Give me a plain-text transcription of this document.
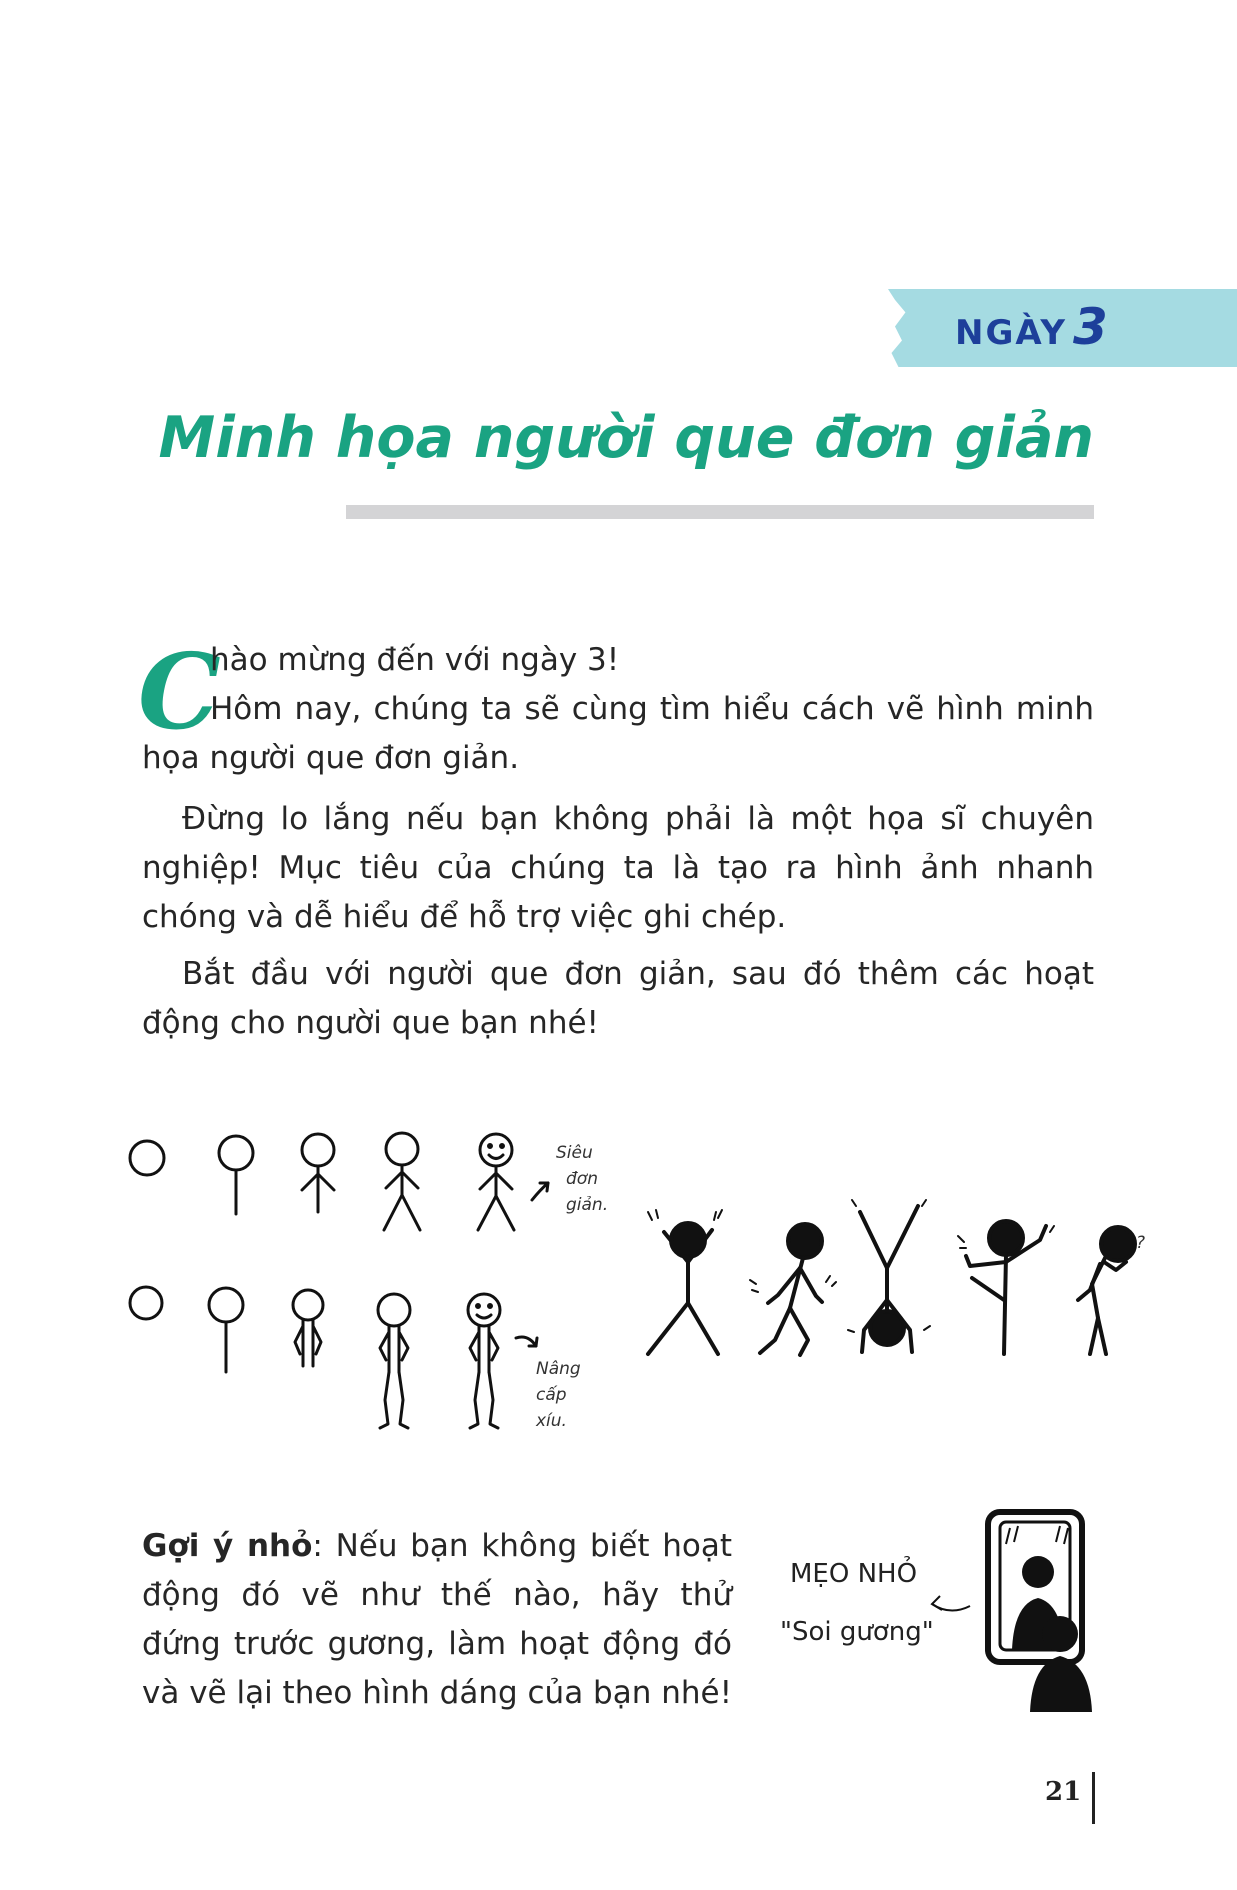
NGÀY 3
Minh họa người que đơn giản
C
hào mừng đến với ngày 3!
Hôm nay, chúng ta sẽ cùng tìm hiểu cách vẽ hình minh họa người que đơn giản.
Đừng lo lắng nếu bạn không phải là một họa sĩ chuyên nghiệp! Mục tiêu của chúng ta là tạo ra hình ảnh nhanh chóng và dễ hiểu để hỗ trợ việc ghi chép.
Bắt đầu với người que đơn giản, sau đó thêm các hoạt động cho người que bạn nhé!
?
Siêu
đơn
giản.
Nâng
cấp
xíu.
MẸO NHỎ
"Soi gương"
Gợi ý nhỏ: Nếu bạn không biết hoạt động đó vẽ như thế nào, hãy thử đứng trước gương, làm hoạt động đó và vẽ lại theo hình dáng của bạn nhé!
21
